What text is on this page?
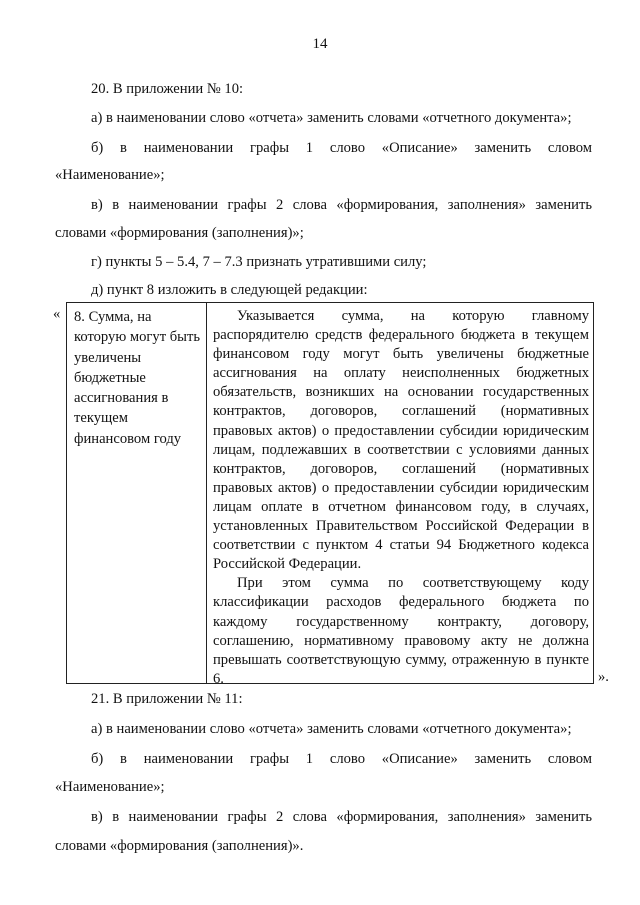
14
20. В приложении № 10:
а) в наименовании слово «отчета» заменить словами «отчетного документа»;
б) в наименовании графы 1 слово «Описание» заменить словом
«Наименование»;
в) в наименовании графы 2 слова «формирования, заполнения» заменить
словами «формирования (заполнения)»;
г) пункты 5 – 5.4, 7 – 7.3 признать утратившими силу;
д) пункт 8 изложить в следующей редакции:
« 8. Сумма, на которую могут быть увеличены бюджетные ассигнования в текущем финансовом году

Указывается сумма, на которую главному распорядителю средств федерального бюджета в текущем финансовом году могут быть увеличены бюджетные ассигнования на оплату неисполненных бюджетных обязательств, возникших на основании государственных контрактов, договоров, соглашений (нормативных правовых актов) о предоставлении субсидии юридическим лицам, подлежавших в соответствии с условиями данных контрактов, договоров, соглашений (нормативных правовых актов) о предоставлении субсидии юридическим лицам оплате в отчетном финансовом году, в случаях, установленных Правительством Российской Федерации в соответствии с пунктом 4 статьи 94 Бюджетного кодекса Российской Федерации.

При этом сумма по соответствующему коду классификации расходов федерального бюджета по каждому государственному контракту, договору, соглашению, нормативному правовому акту не должна превышать соответствующую сумму, отраженную в пункте 6.	».
21. В приложении № 11:
а) в наименовании слово «отчета» заменить словами «отчетного документа»;
б) в наименовании графы 1 слово «Описание» заменить словом
«Наименование»;
в) в наименовании графы 2 слова «формирования, заполнения» заменить
словами «формирования (заполнения)».
